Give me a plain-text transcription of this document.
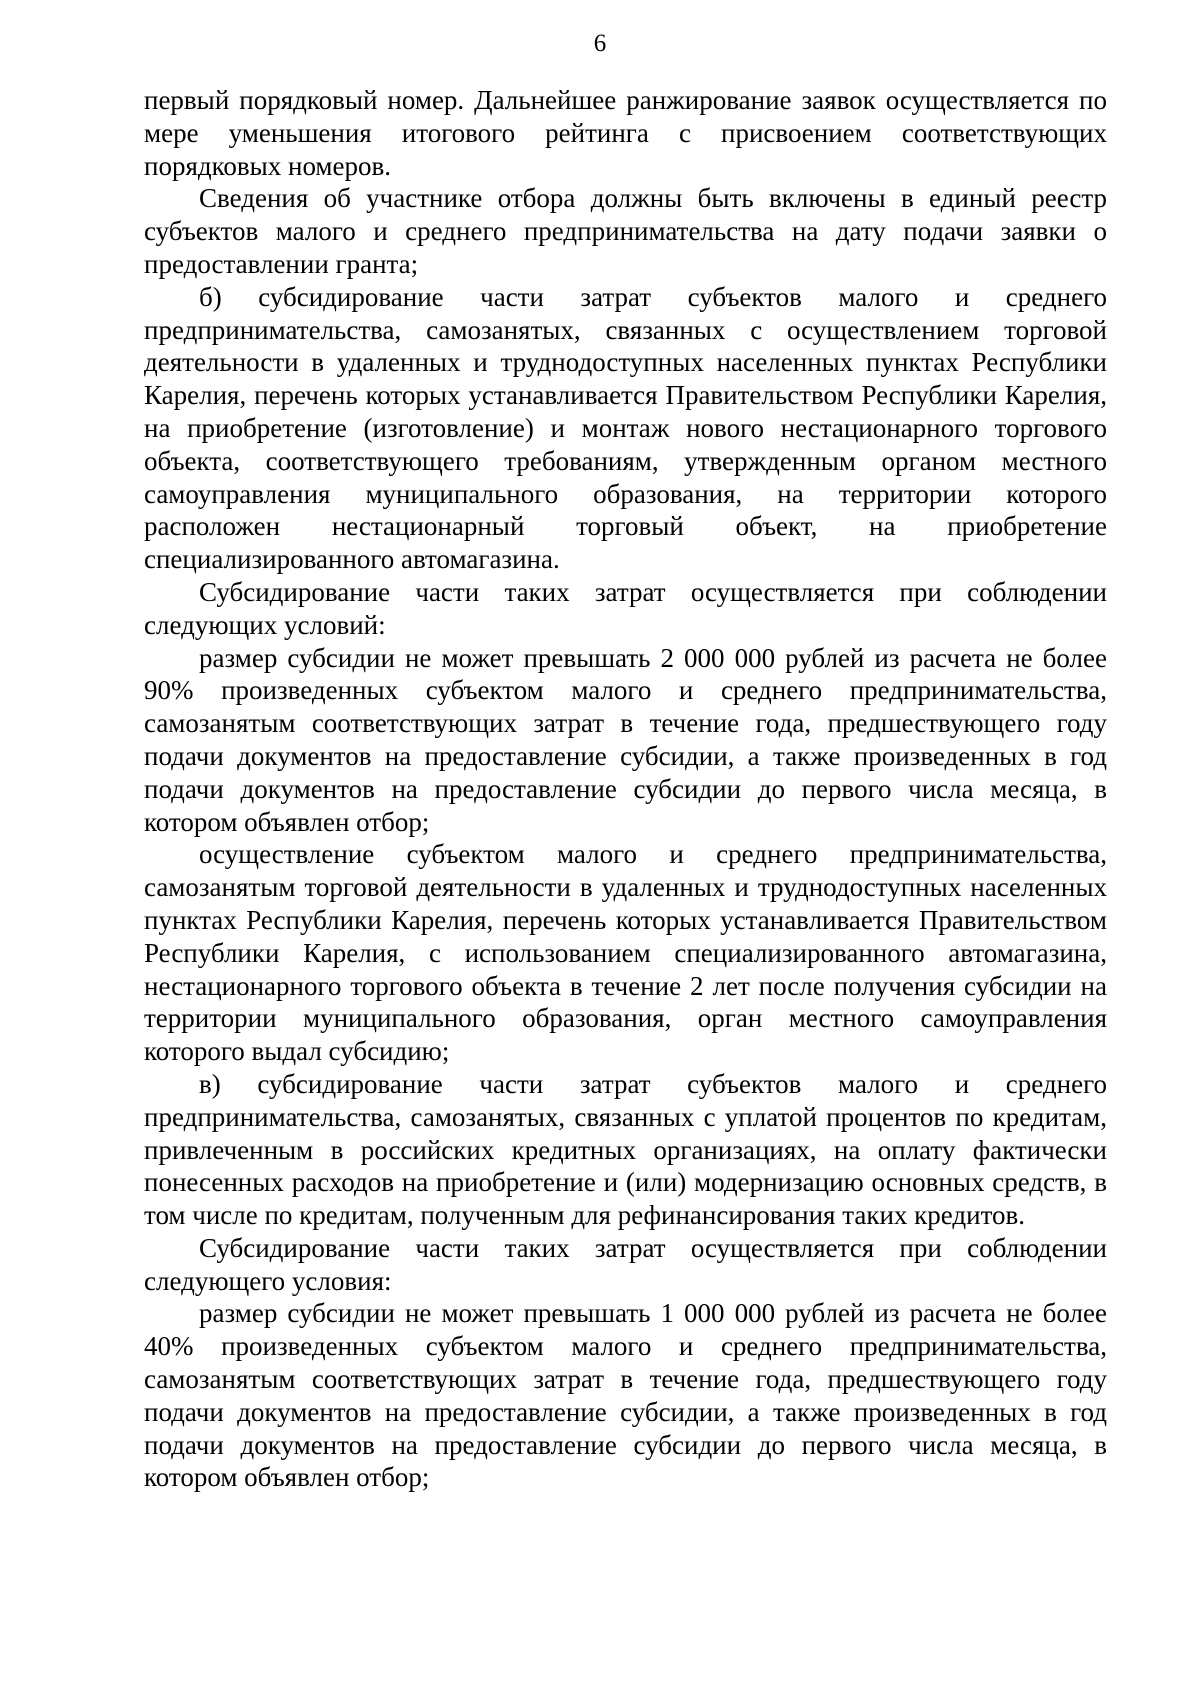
6

первый порядковый номер. Дальнейшее ранжирование заявок осуществляется по мере уменьшения итогового рейтинга с присвоением соответствующих порядковых номеров.

Сведения об участнике отбора должны быть включены в единый реестр субъектов малого и среднего предпринимательства на дату подачи заявки о предоставлении гранта;

б) субсидирование части затрат субъектов малого и среднего предпринимательства, самозанятых, связанных с осуществлением торговой деятельности в удаленных и труднодоступных населенных пунктах Республики Карелия, перечень которых устанавливается Правительством Республики Карелия, на приобретение (изготовление) и монтаж нового нестационарного торгового объекта, соответствующего требованиям, утвержденным органом местного самоуправления муниципального образования, на территории которого расположен нестационарный торговый объект, на приобретение специализированного автомагазина.

Субсидирование части таких затрат осуществляется при соблюдении следующих условий:

размер субсидии не может превышать 2 000 000 рублей из расчета не более 90% произведенных субъектом малого и среднего предпринимательства, самозанятым соответствующих затрат в течение года, предшествующего году подачи документов на предоставление субсидии, а также произведенных в год подачи документов на предоставление субсидии до первого числа месяца, в котором объявлен отбор;

осуществление субъектом малого и среднего предпринимательства, самозанятым торговой деятельности в удаленных и труднодоступных населенных пунктах Республики Карелия, перечень которых устанавливается Правительством Республики Карелия, с использованием специализированного автомагазина, нестационарного торгового объекта в течение 2 лет после получения субсидии на территории муниципального образования, орган местного самоуправления которого выдал субсидию;

в) субсидирование части затрат субъектов малого и среднего предпринимательства, самозанятых, связанных с уплатой процентов по кредитам, привлеченным в российских кредитных организациях, на оплату фактически понесенных расходов на приобретение и (или) модернизацию основных средств, в том числе по кредитам, полученным для рефинансирования таких кредитов.

Субсидирование части таких затрат осуществляется при соблюдении следующего условия:

размер субсидии не может превышать 1 000 000 рублей из расчета не более 40% произведенных субъектом малого и среднего предпринимательства, самозанятым соответствующих затрат в течение года, предшествующего году подачи документов на предоставление субсидии, а также произведенных в год подачи документов на предоставление субсидии до первого числа месяца, в котором объявлен отбор;
